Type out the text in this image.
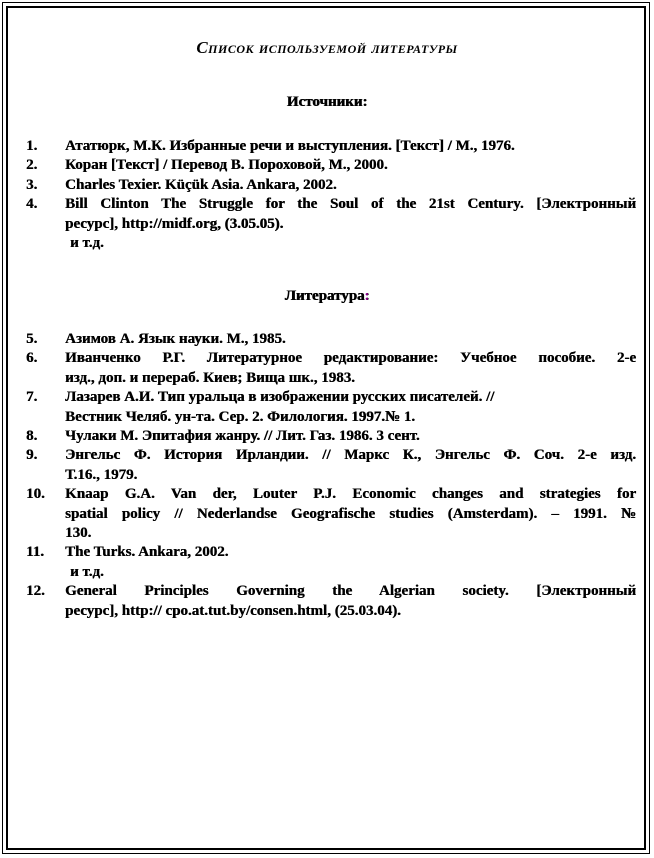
Список используемой литературы
Источники:
1. Ататюрк, М.К. Избранные речи и выступления. [Текст] / М., 1976.
2. Коран [Текст] / Перевод В. Пороховой, М., 2000.
3. Charles Texier. Küçük Asia. Ankara, 2002.
4. Bill Clinton The Struggle for the Soul of the 21st Century. [Электронный
ресурс], http://midf.org, (3.05.05).
и т.д.
Литература:
5. Азимов А. Язык науки. М., 1985.
6. Иванченко Р.Г. Литературное редактирование: Учебное пособие. 2-е
изд., доп. и перераб. Киев; Вища шк., 1983.
7. Лазарев А.И. Тип уральца в изображении русских писателей. //
Вестник Челяб. ун-та. Сер. 2. Филология. 1997.№ 1.
8. Чулаки М. Эпитафия жанру. // Лит. Газ. 1986. 3 сент.
9. Энгельс Ф. История Ирландии. // Маркс К., Энгельс Ф. Соч. 2-е изд.
Т.16., 1979.
10. Knaap G.A. Van der, Louter P.J. Economic changes and strategies for
spatial policy // Nederlandse Geografische studies (Amsterdam). – 1991. №
130.
11. The Turks. Ankara, 2002.
и т.д.
12. General Principles Governing the Algerian society. [Электронный
ресурс], http:// cpo.at.tut.by/consen.html, (25.03.04).
